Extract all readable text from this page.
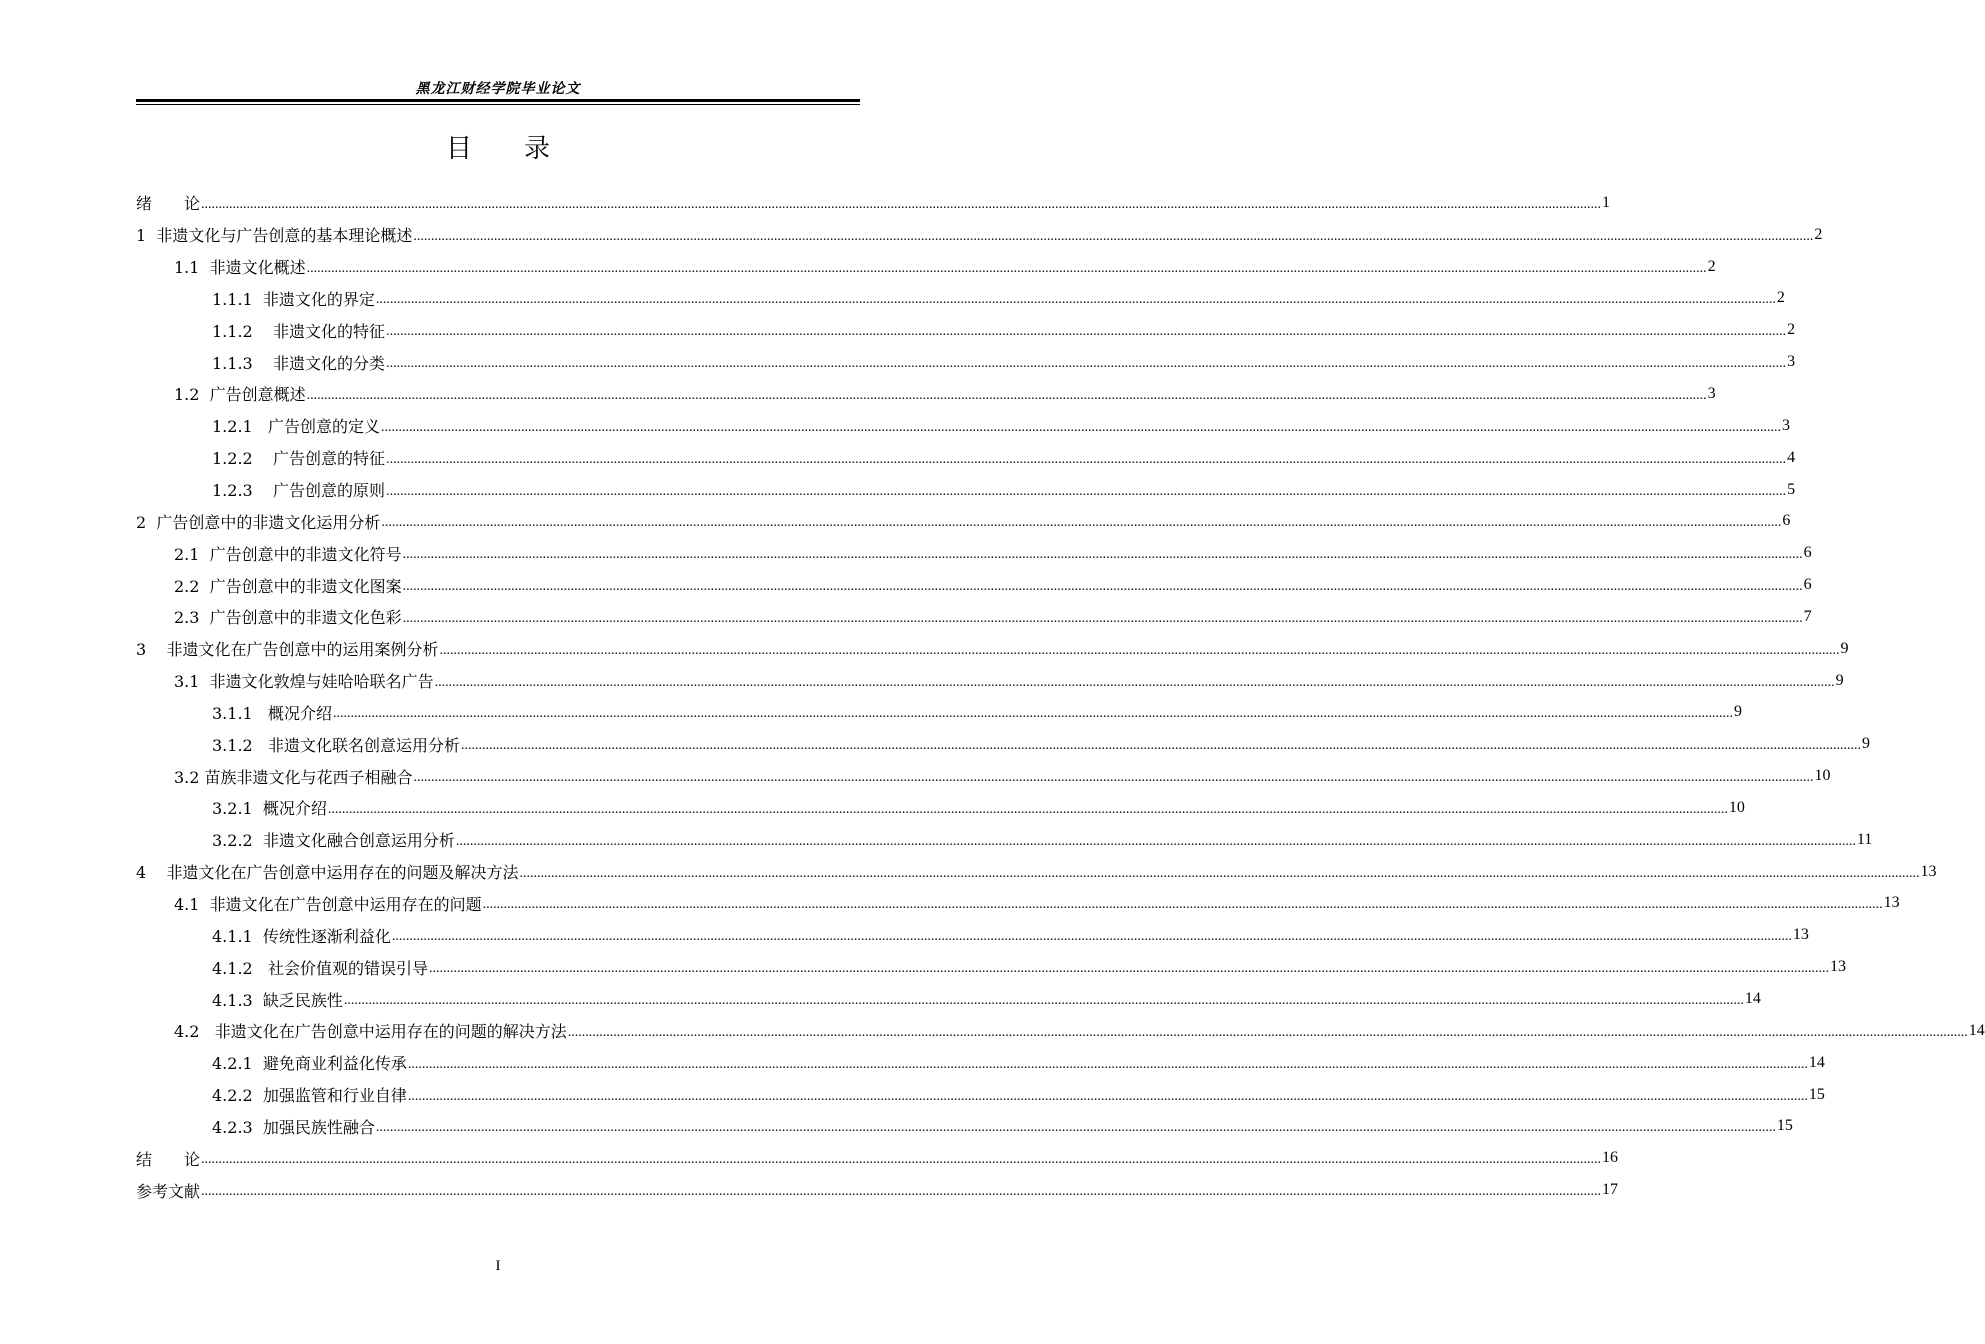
黑龙江财经学院毕业论文
目　　录
绪　　论 ................................................................................................................................................................................................................................................................................................................................................................................................................ 1
1  非遗文化与广告创意的基本理论概述 ................................................................................................................................................................................................................................................................................................................................................................................................................ 2
1.1  非遗文化概述 ................................................................................................................................................................................................................................................................................................................................................................................................................ 2
1.1.1  非遗文化的界定 ................................................................................................................................................................................................................................................................................................................................................................................................................ 2
1.1.2    非遗文化的特征 ................................................................................................................................................................................................................................................................................................................................................................................................................ 2
1.1.3    非遗文化的分类 ................................................................................................................................................................................................................................................................................................................................................................................................................ 3
1.2  广告创意概述 ................................................................................................................................................................................................................................................................................................................................................................................................................ 3
1.2.1   广告创意的定义 ................................................................................................................................................................................................................................................................................................................................................................................................................ 3
1.2.2    广告创意的特征 ................................................................................................................................................................................................................................................................................................................................................................................................................ 4
1.2.3    广告创意的原则 ................................................................................................................................................................................................................................................................................................................................................................................................................ 5
2  广告创意中的非遗文化运用分析 ................................................................................................................................................................................................................................................................................................................................................................................................................ 6
2.1  广告创意中的非遗文化符号 ................................................................................................................................................................................................................................................................................................................................................................................................................ 6
2.2  广告创意中的非遗文化图案 ................................................................................................................................................................................................................................................................................................................................................................................................................ 6
2.3  广告创意中的非遗文化色彩 ................................................................................................................................................................................................................................................................................................................................................................................................................ 7
3    非遗文化在广告创意中的运用案例分析 ................................................................................................................................................................................................................................................................................................................................................................................................................ 9
3.1  非遗文化敦煌与娃哈哈联名广告 ................................................................................................................................................................................................................................................................................................................................................................................................................ 9
3.1.1   概况介绍 ................................................................................................................................................................................................................................................................................................................................................................................................................ 9
3.1.2   非遗文化联名创意运用分析 ................................................................................................................................................................................................................................................................................................................................................................................................................ 9
3.2 苗族非遗文化与花西子相融合 ................................................................................................................................................................................................................................................................................................................................................................................................................ 10
3.2.1  概况介绍 ................................................................................................................................................................................................................................................................................................................................................................................................................ 10
3.2.2  非遗文化融合创意运用分析 ................................................................................................................................................................................................................................................................................................................................................................................................................ 11
4    非遗文化在广告创意中运用存在的问题及解决方法 ................................................................................................................................................................................................................................................................................................................................................................................................................ 13
4.1  非遗文化在广告创意中运用存在的问题 ................................................................................................................................................................................................................................................................................................................................................................................................................ 13
4.1.1  传统性逐渐利益化 ................................................................................................................................................................................................................................................................................................................................................................................................................ 13
4.1.2   社会价值观的错误引导 ................................................................................................................................................................................................................................................................................................................................................................................................................ 13
4.1.3  缺乏民族性 ................................................................................................................................................................................................................................................................................................................................................................................................................ 14
4.2   非遗文化在广告创意中运用存在的问题的解决方法 ................................................................................................................................................................................................................................................................................................................................................................................................................ 14
4.2.1  避免商业利益化传承 ................................................................................................................................................................................................................................................................................................................................................................................................................ 14
4.2.2  加强监管和行业自律 ................................................................................................................................................................................................................................................................................................................................................................................................................ 15
4.2.3  加强民族性融合 ................................................................................................................................................................................................................................................................................................................................................................................................................ 15
结　　论 ................................................................................................................................................................................................................................................................................................................................................................................................................ 16
参考文献 ................................................................................................................................................................................................................................................................................................................................................................................................................ 17
I
